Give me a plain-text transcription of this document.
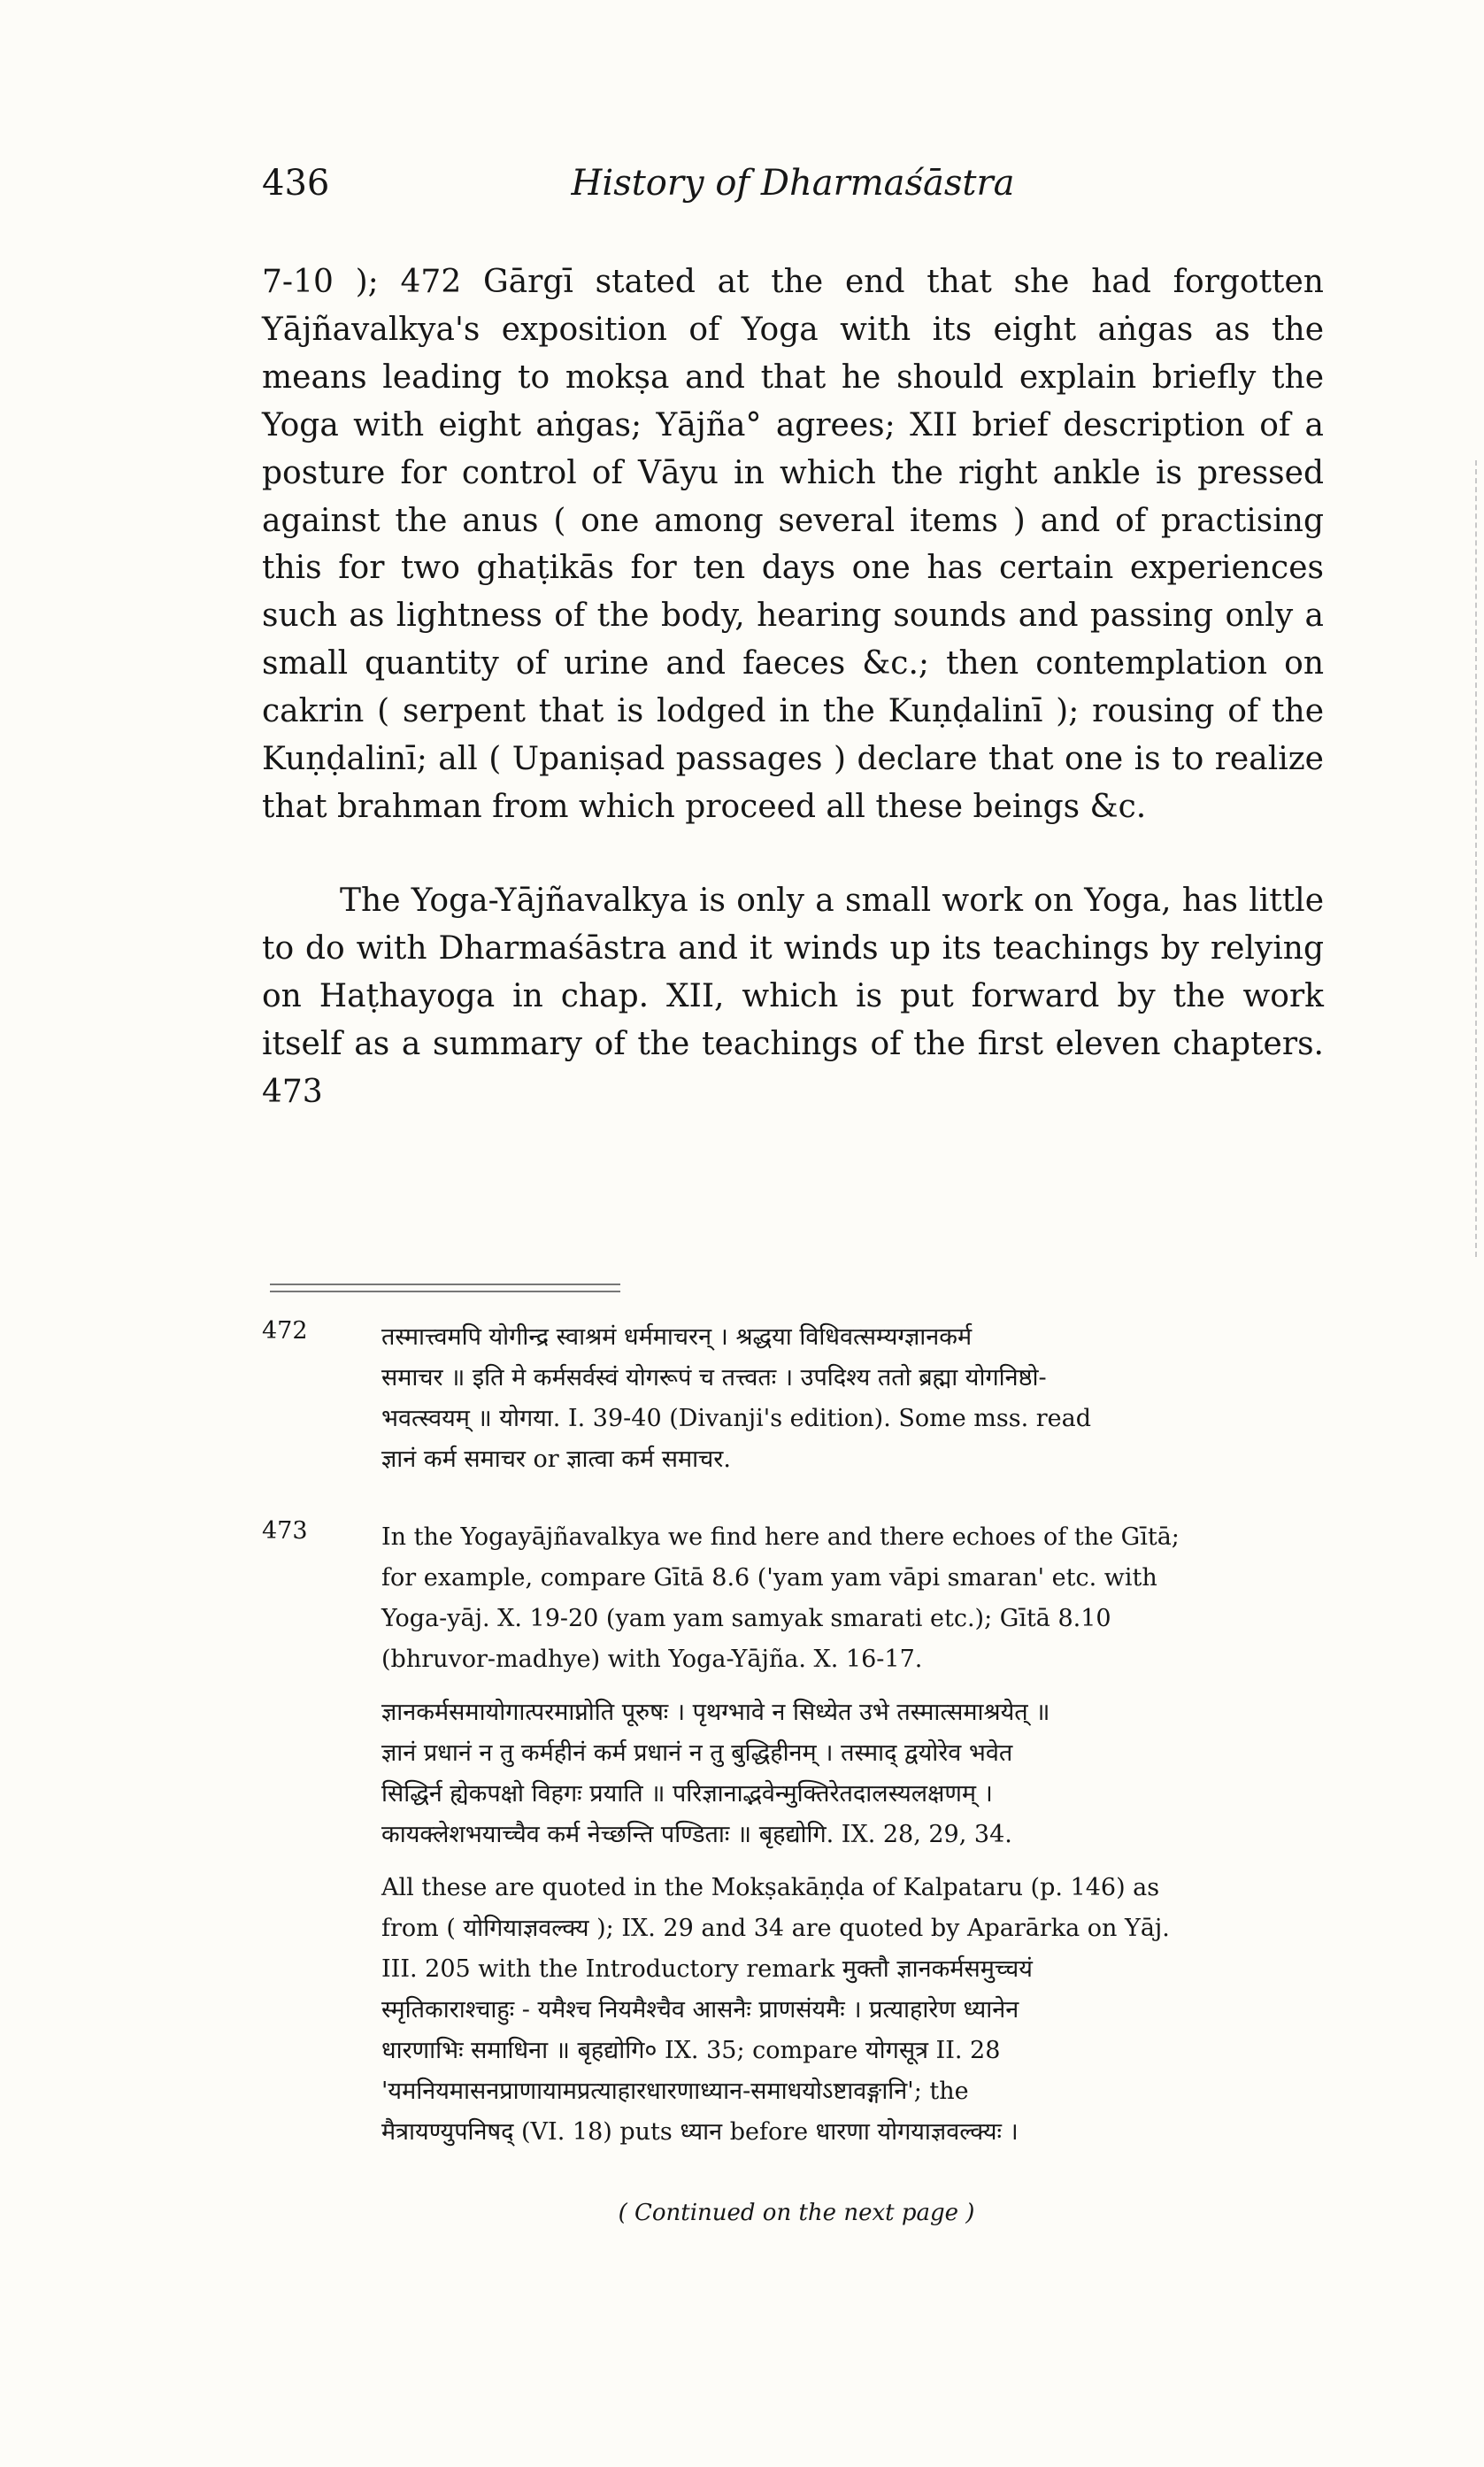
436	History of Dharmaśāstra

7-10 ); 472 Gārgī stated at the end that she had forgotten Yājñavalkya's exposition of Yoga with its eight aṅgas as the means leading to mokṣa and that he should explain briefly the Yoga with eight aṅgas; Yājña° agrees; XII brief description of a posture for control of Vāyu in which the right ankle is pressed against the anus ( one among several items ) and of practising this for two ghaṭikās for ten days one has certain experiences such as lightness of the body, hearing sounds and passing only a small quantity of urine and faeces &c.; then contemplation on cakrin ( serpent that is lodged in the Kuṇḍalinī ); rousing of the Kuṇḍalinī; all ( Upaniṣad passages ) declare that one is to realize that brahman from which proceed all these beings &c.

The Yoga-Yājñavalkya is only a small work on Yoga, has little to do with Dharmaśāstra and it winds up its teachings by relying on Haṭhayoga in chap. XII, which is put forward by the work itself as a summary of the teachings of the first eleven chapters. 473

472	तस्मात्त्वमपि योगीन्द्र स्वाश्रमं धर्ममाचरन् । श्रद्धया विधिवत्सम्यग्ज्ञानकर्म
समाचर ॥ इति मे कर्मसर्वस्वं योगरूपं च तत्त्वतः । उपदिश्य ततो ब्रह्मा योगनिष्ठो-
भवत्स्वयम् ॥ योगया. I. 39-40 (Divanji's edition). Some mss. read
ज्ञानं कर्म समाचर or ज्ञात्वा कर्म समाचर.
473	In the Yogayājñavalkya we find here and there echoes of the Gītā;
for example, compare Gītā 8.6 ('yam yam vāpi smaran' etc. with
Yoga-yāj. X. 19-20 (yam yam samyak smarati etc.); Gītā 8.10
(bhruvor-madhye) with Yoga-Yājña. X. 16-17.
ज्ञानकर्मसमायोगात्परमाप्नोति पूरुषः । पृथग्भावे न सिध्येत उभे तस्मात्समाश्रयेत् ॥
ज्ञानं प्रधानं न तु कर्महीनं कर्म प्रधानं न तु बुद्धिहीनम् । तस्माद् द्वयोरेव भवेत
सिद्धिर्न ह्येकपक्षो विहगः प्रयाति ॥ परिज्ञानाद्भवेन्मुक्तिरेतदालस्यलक्षणम् ।
कायक्लेशभयाच्चैव कर्म नेच्छन्ति पण्डिताः ॥ बृहद्योगि. IX. 28, 29, 34.
All these are quoted in the Mokṣakāṇḍa of Kalpataru (p. 146) as
from ( योगियाज्ञवल्क्य ); IX. 29 and 34 are quoted by Aparārka on Yāj.
III. 205 with the Introductory remark मुक्तौ ज्ञानकर्मसमुच्चयं
स्मृतिकाराश्चाहुः - यमैश्च नियमैश्चैव आसनैः प्राणसंयमैः । प्रत्याहारेण ध्यानेन
धारणाभिः समाधिना ॥ बृहद्योगि० IX. 35; compare योगसूत्र II. 28
'यमनियमासनप्राणायामप्रत्याहारधारणाध्यान-समाधयोऽष्टावङ्गानि'; the
मैत्रायण्युपनिषद् (VI. 18) puts ध्यान before धारणा योगयाज्ञवल्क्यः ।
( Continued on the next page )
